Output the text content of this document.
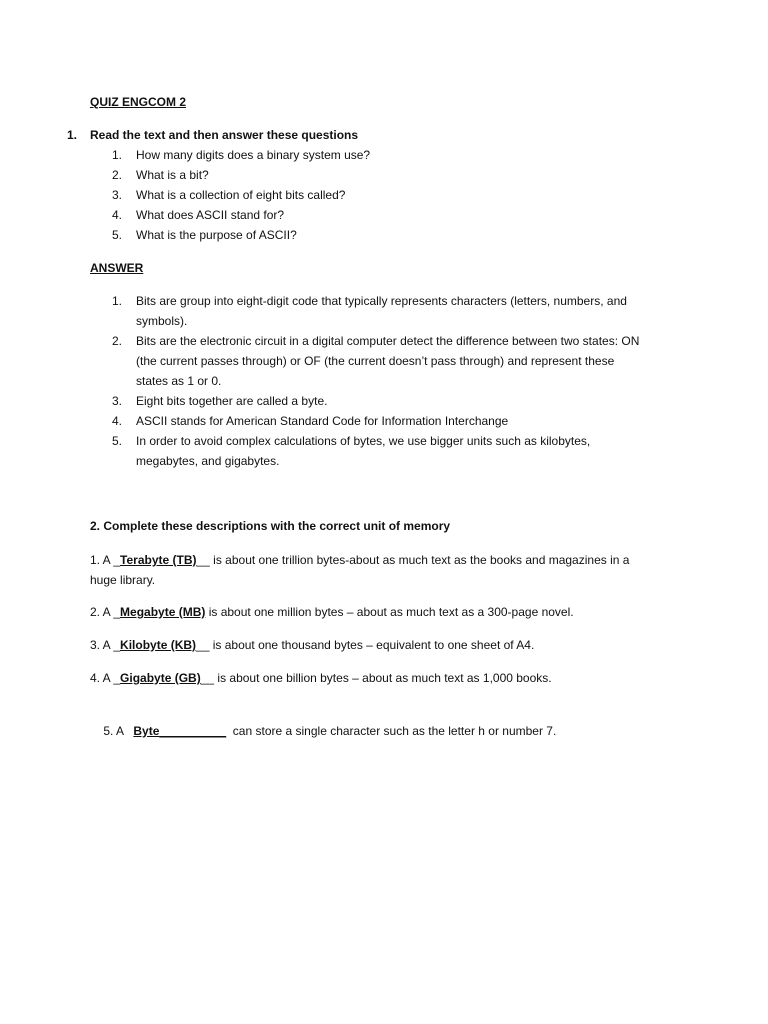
QUIZ ENGCOM 2
1. Read the text and then answer these questions
1. How many digits does a binary system use?
2. What is a bit?
3. What is a collection of eight bits called?
4. What does ASCII stand for?
5. What is the purpose of ASCII?
ANSWER
1. Bits are group into eight-digit code that typically represents characters (letters, numbers, and
symbols).
2. Bits are the electronic circuit in a digital computer detect the difference between two states: ON
(the current passes through) or OF (the current doesn’t pass through) and represent these
states as 1 or 0.
3. Eight bits together are called a byte.
4. ASCII stands for American Standard Code for Information Interchange
5. In order to avoid complex calculations of bytes, we use bigger units such as kilobytes,
megabytes, and gigabytes.
2. Complete these descriptions with the correct unit of memory
1. A _Terabyte (TB)__ is about one trillion bytes-about as much text as the books and magazines in a
huge library.
2. A _Megabyte (MB) is about one million bytes – about as much text as a 300-page novel.
3. A _Kilobyte (KB)__ is about one thousand bytes – equivalent to one sheet of A4.
4. A _Gigabyte (GB)__ is about one billion bytes – about as much text as 1,000 books.

5. A   Byte__________  can store a single character such as the letter h or number 7.
